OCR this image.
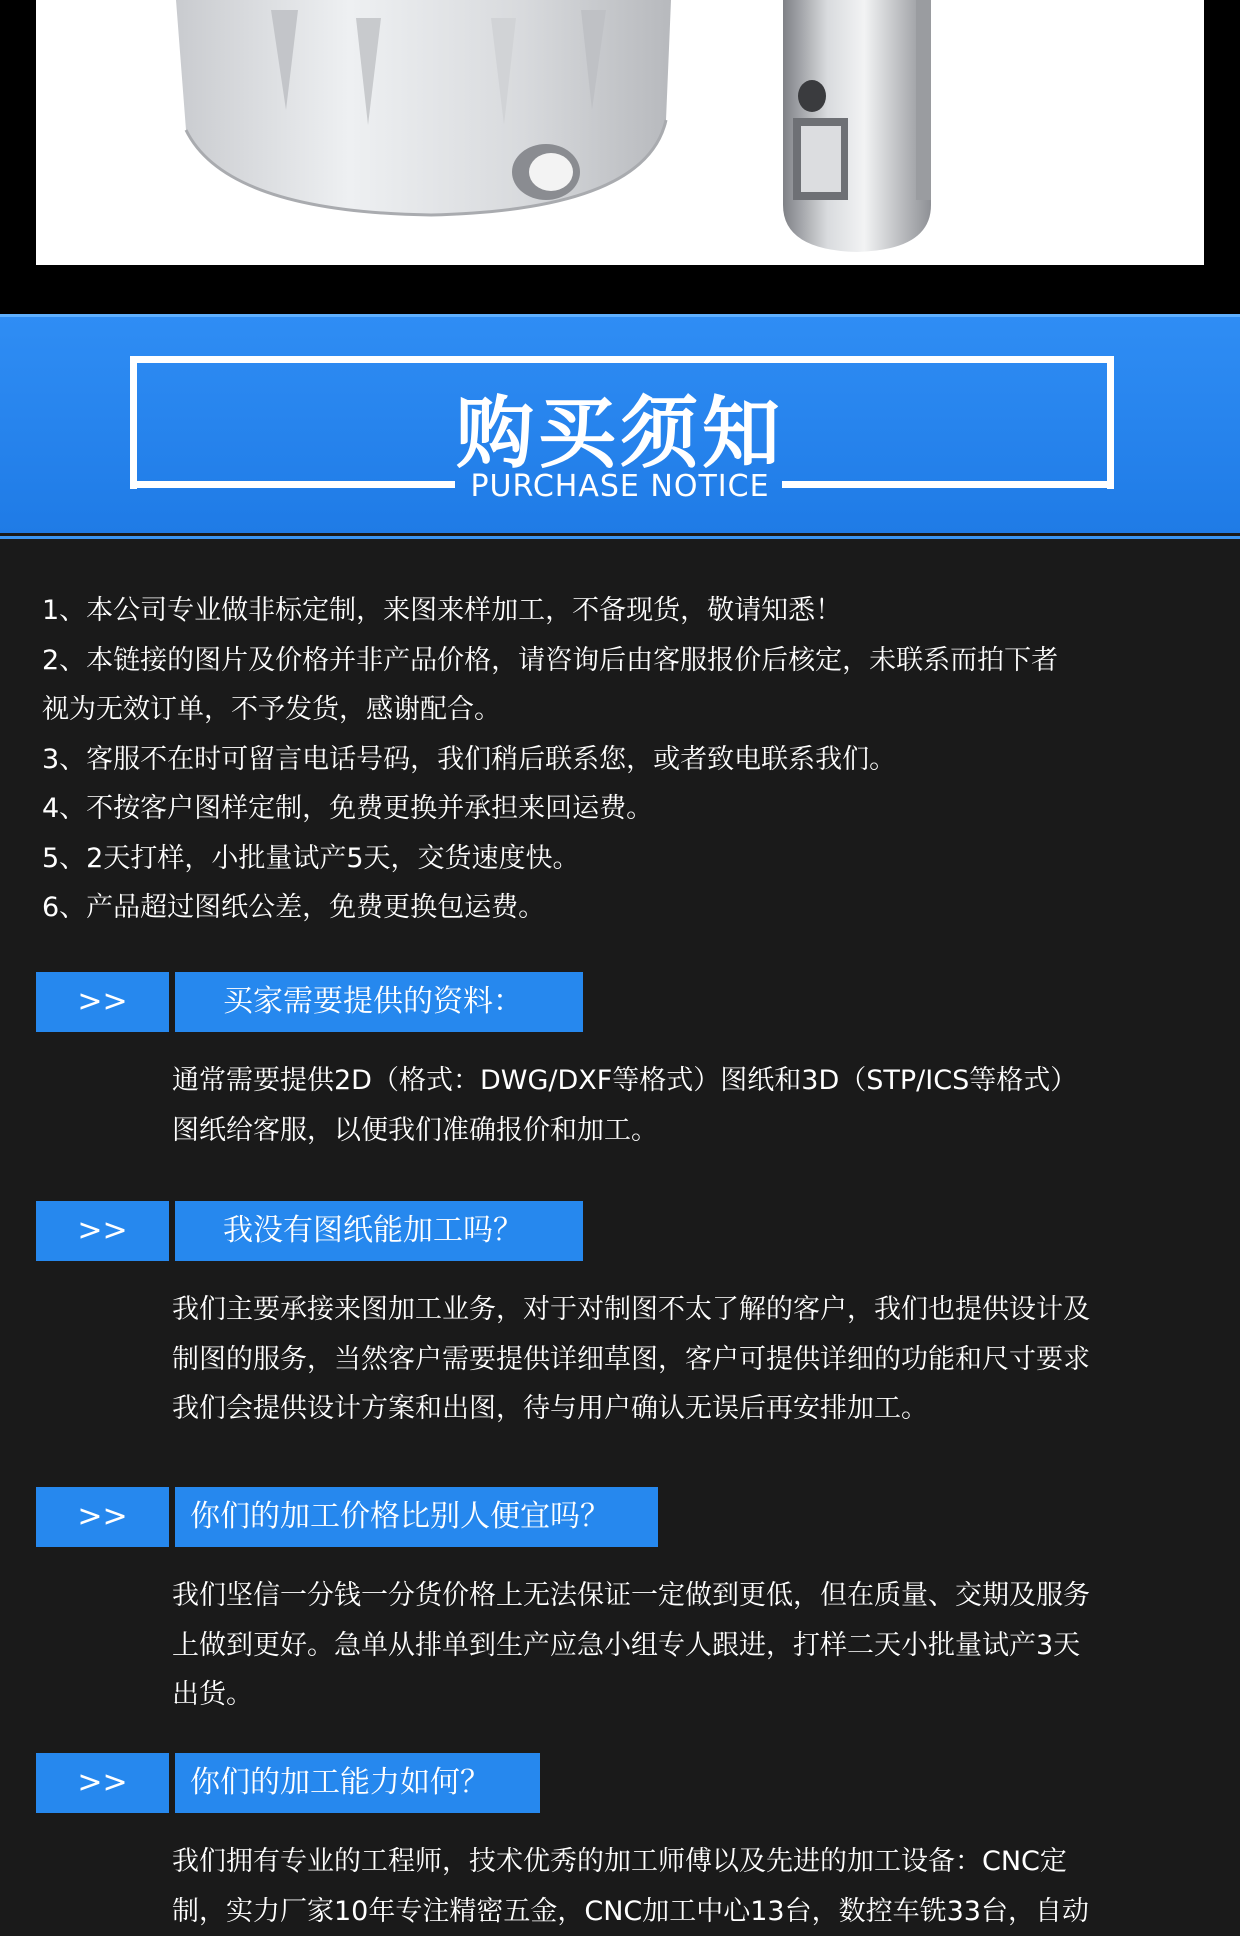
购买须知
PURCHASE NOTICE
1、本公司专业做非标定制，来图来样加工，不备现货，敬请知悉！
2、本链接的图片及价格并非产品价格，请咨询后由客服报价后核定，未联系而拍下者
视为无效订单，不予发货，感谢配合。
3、客服不在时可留言电话号码，我们稍后联系您，或者致电联系我们。
4、不按客户图样定制，免费更换并承担来回运费。
5、2天打样，小批量试产5天，交货速度快。
6、产品超过图纸公差，免费更换包运费。
>>	买家需要提供的资料：
通常需要提供2D（格式：DWG/DXF等格式）图纸和3D（STP/ICS等格式）
图纸给客服，以便我们准确报价和加工。
>>	我没有图纸能加工吗？
我们主要承接来图加工业务，对于对制图不太了解的客户，我们也提供设计及
制图的服务，当然客户需要提供详细草图，客户可提供详细的功能和尺寸要求
我们会提供设计方案和出图，待与用户确认无误后再安排加工。
>>	你们的加工价格比别人便宜吗？
我们坚信一分钱一分货价格上无法保证一定做到更低，但在质量、交期及服务
上做到更好。急单从排单到生产应急小组专人跟进，打样二天小批量试产3天
出货。
>>	你们的加工能力如何？
我们拥有专业的工程师，技术优秀的加工师傅以及先进的加工设备：CNC定
制，实力厂家10年专注精密五金，CNC加工中心13台，数控车铣33台，自动
